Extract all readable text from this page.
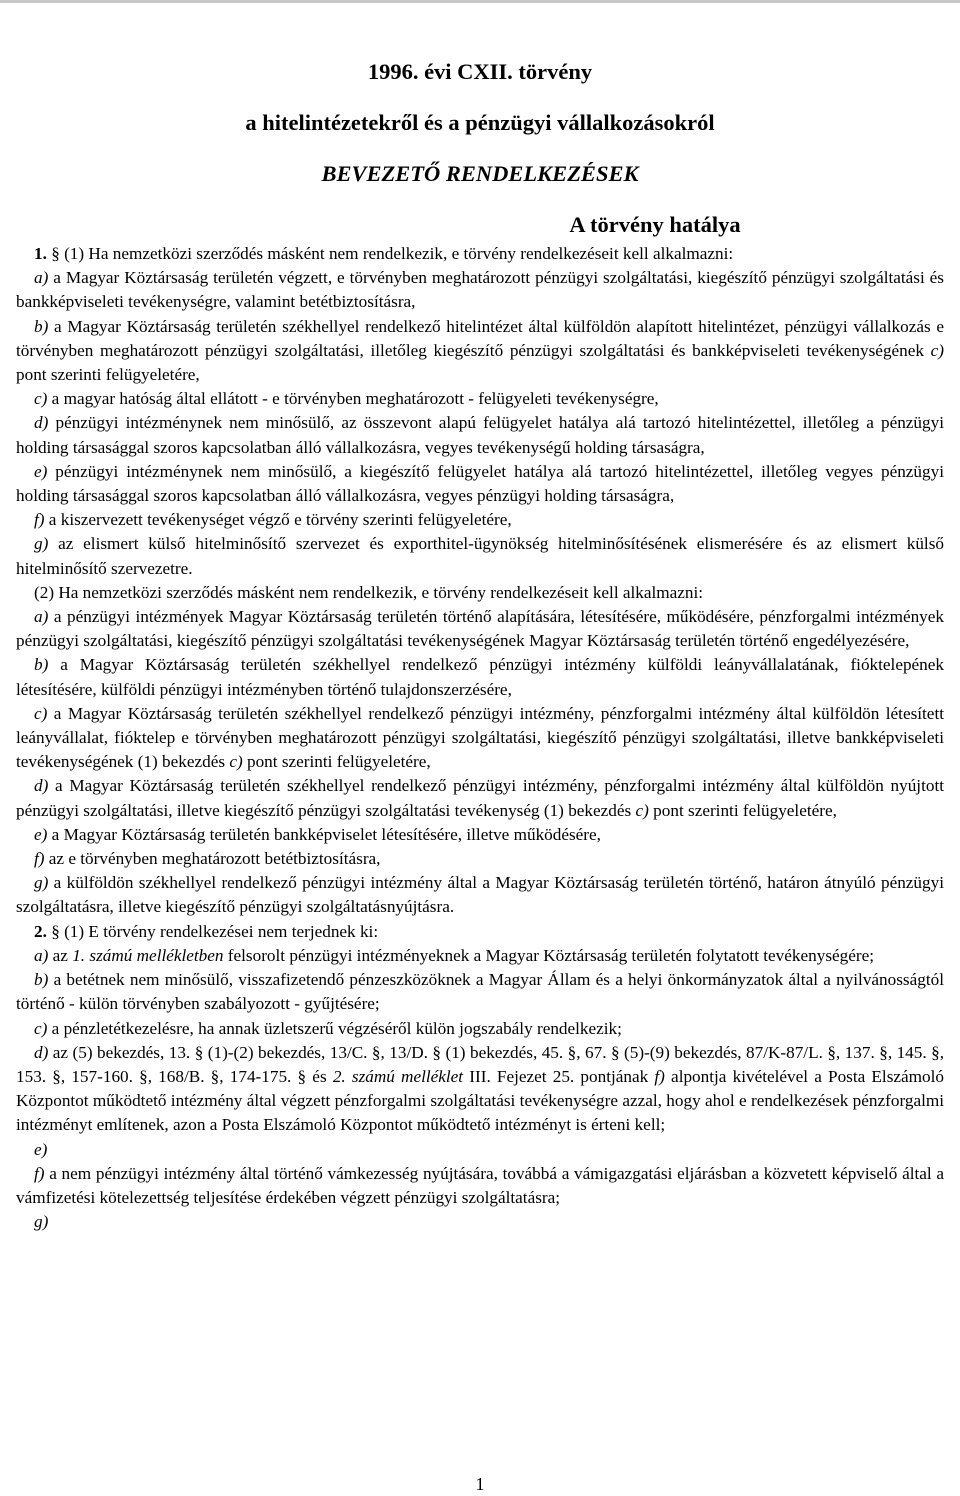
1996. évi CXII. törvény
a hitelintézetekről és a pénzügyi vállalkozásokról
BEVEZETŐ RENDELKEZÉSEK
A törvény hatálya

1. § (1) Ha nemzetközi szerződés másként nem rendelkezik, e törvény rendelkezéseit kell alkalmazni:

a) a Magyar Köztársaság területén végzett, e törvényben meghatározott pénzügyi szolgáltatási, kiegészítő pénzügyi szolgáltatási és bankképviseleti tevékenységre, valamint betétbiztosításra,

b) a Magyar Köztársaság területén székhellyel rendelkező hitelintézet által külföldön alapított hitelintézet, pénzügyi vállalkozás e törvényben meghatározott pénzügyi szolgáltatási, illetőleg kiegészítő pénzügyi szolgáltatási és bankképviseleti tevékenységének c) pont szerinti felügyeletére,

c) a magyar hatóság által ellátott - e törvényben meghatározott - felügyeleti tevékenységre,

d) pénzügyi intézménynek nem minősülő, az összevont alapú felügyelet hatálya alá tartozó hitelintézettel, illetőleg a pénzügyi holding társasággal szoros kapcsolatban álló vállalkozásra, vegyes tevékenységű holding társaságra,

e) pénzügyi intézménynek nem minősülő, a kiegészítő felügyelet hatálya alá tartozó hitelintézettel, illetőleg vegyes pénzügyi holding társasággal szoros kapcsolatban álló vállalkozásra, vegyes pénzügyi holding társaságra,

f) a kiszervezett tevékenységet végző e törvény szerinti felügyeletére,

g) az elismert külső hitelminősítő szervezet és exporthitel-ügynökség hitelminősítésének elismerésére és az elismert külső hitelminősítő szervezetre.

(2) Ha nemzetközi szerződés másként nem rendelkezik, e törvény rendelkezéseit kell alkalmazni:

a) a pénzügyi intézmények Magyar Köztársaság területén történő alapítására, létesítésére, működésére, pénzforgalmi intézmények pénzügyi szolgáltatási, kiegészítő pénzügyi szolgáltatási tevékenységének Magyar Köztársaság területén történő engedélyezésére,

b) a Magyar Köztársaság területén székhellyel rendelkező pénzügyi intézmény külföldi leányvállalatának, fióktelepének létesítésére, külföldi pénzügyi intézményben történő tulajdonszerzésére,

c) a Magyar Köztársaság területén székhellyel rendelkező pénzügyi intézmény, pénzforgalmi intézmény által külföldön létesített leányvállalat, fióktelep e törvényben meghatározott pénzügyi szolgáltatási, kiegészítő pénzügyi szolgáltatási, illetve bankképviseleti tevékenységének (1) bekezdés c) pont szerinti felügyeletére,

d) a Magyar Köztársaság területén székhellyel rendelkező pénzügyi intézmény, pénzforgalmi intézmény által külföldön nyújtott pénzügyi szolgáltatási, illetve kiegészítő pénzügyi szolgáltatási tevékenység (1) bekezdés c) pont szerinti felügyeletére,

e) a Magyar Köztársaság területén bankképviselet létesítésére, illetve működésére,

f) az e törvényben meghatározott betétbiztosításra,

g) a külföldön székhellyel rendelkező pénzügyi intézmény által a Magyar Köztársaság területén történő, határon átnyúló pénzügyi szolgáltatásra, illetve kiegészítő pénzügyi szolgáltatásnyújtásra.

2. § (1) E törvény rendelkezései nem terjednek ki:

a) az 1. számú mellékletben felsorolt pénzügyi intézményeknek a Magyar Köztársaság területén folytatott tevékenységére;

b) a betétnek nem minősülő, visszafizetendő pénzeszközöknek a Magyar Állam és a helyi önkormányzatok által a nyilvánosságtól történő - külön törvényben szabályozott - gyűjtésére;

c) a pénzletétkezelésre, ha annak üzletszerű végzéséről külön jogszabály rendelkezik;

d) az (5) bekezdés, 13. § (1)-(2) bekezdés, 13/C. §, 13/D. § (1) bekezdés, 45. §, 67. § (5)-(9) bekezdés, 87/K-87/L. §, 137. §, 145. §, 153. §, 157-160. §, 168/B. §, 174-175. § és 2. számú melléklet III. Fejezet 25. pontjának f) alpontja kivételével a Posta Elszámoló Központot működtető intézmény által végzett pénzforgalmi szolgáltatási tevékenységre azzal, hogy ahol e rendelkezések pénzforgalmi intézményt említenek, azon a Posta Elszámoló Központot működtető intézményt is érteni kell;

e)

f) a nem pénzügyi intézmény által történő vámkezesség nyújtására, továbbá a vámigazgatási eljárásban a közvetett képviselő által a vámfizetési kötelezettség teljesítése érdekében végzett pénzügyi szolgáltatásra;

g)

1
